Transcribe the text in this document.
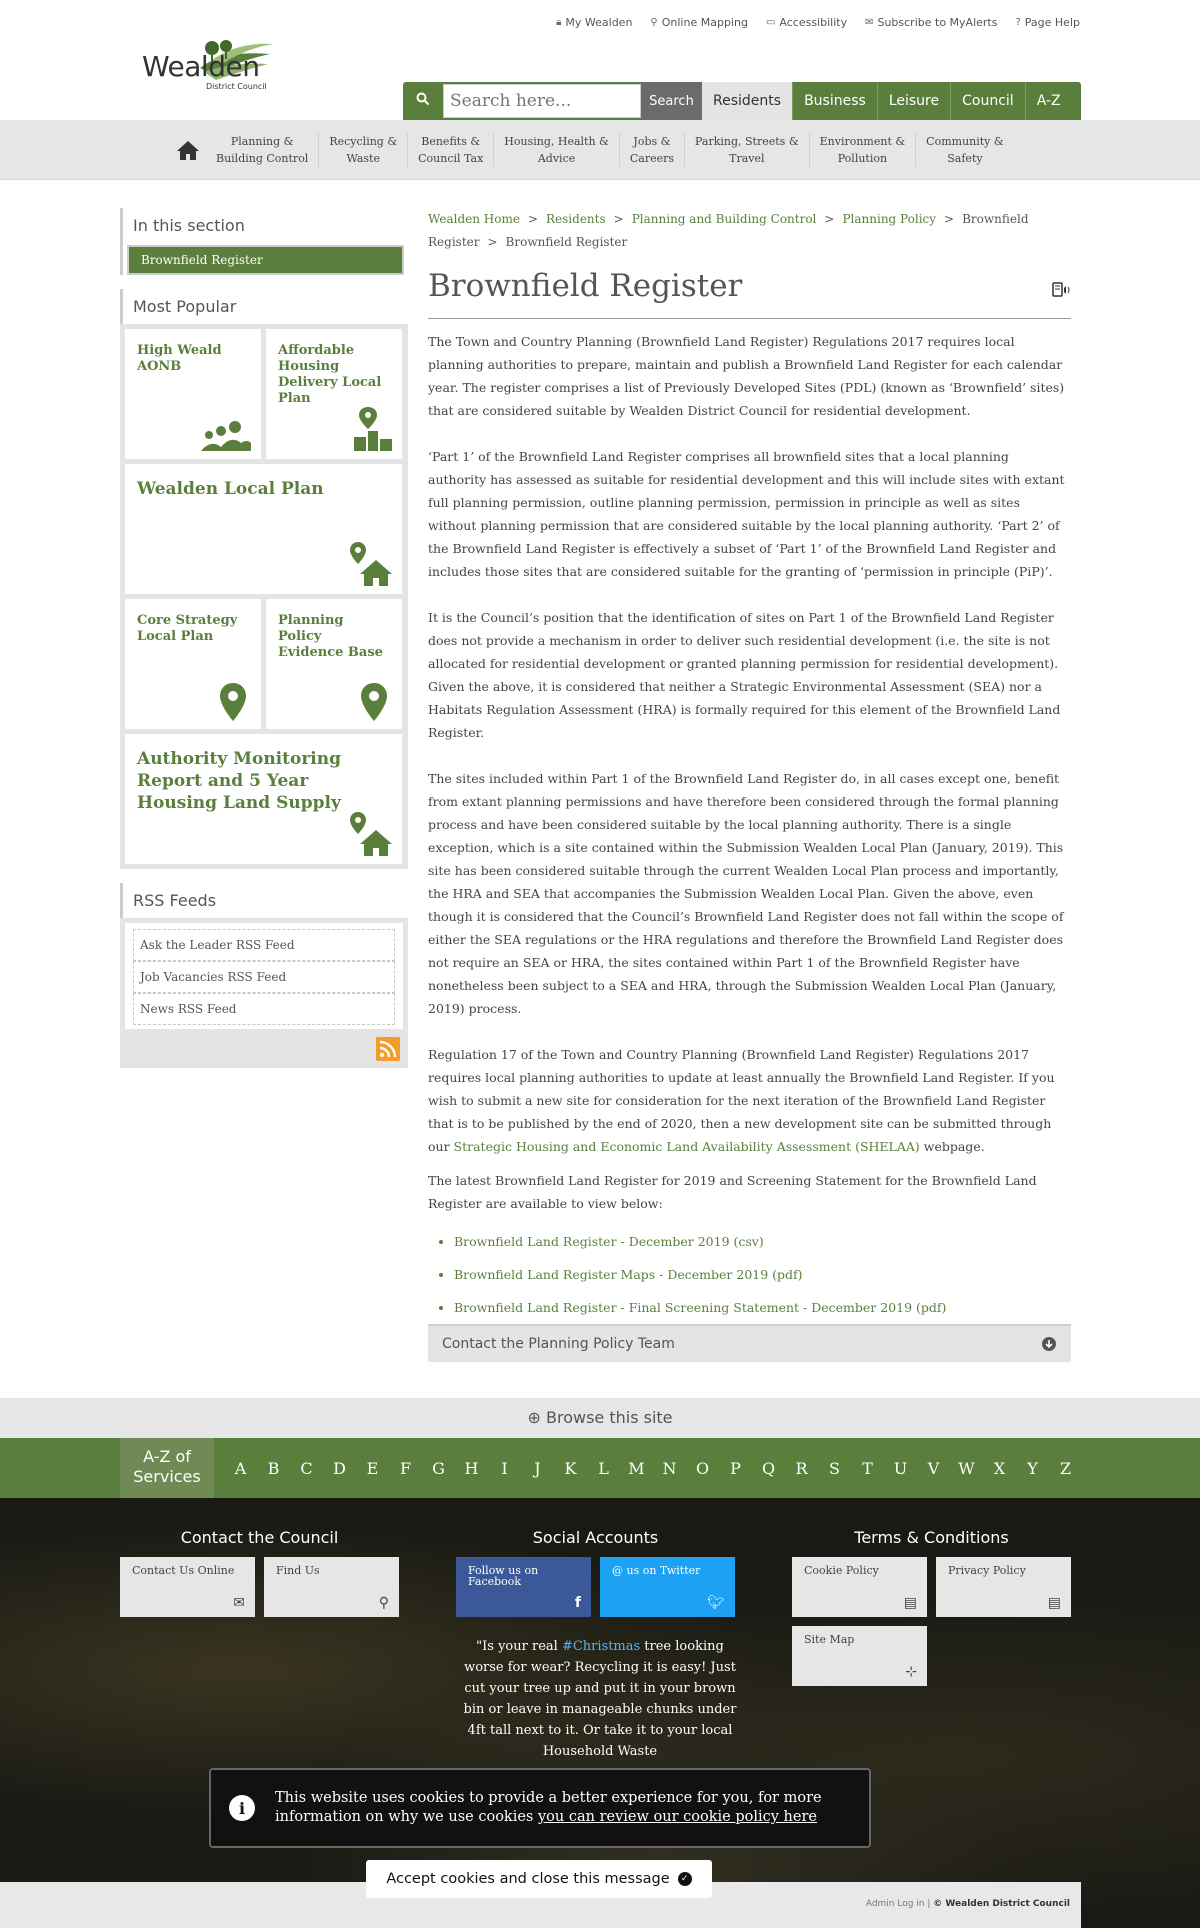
Wealden
District Council
🔒︎ My Wealden ⚲ Online Mapping ▭ Accessibility ✉ Subscribe to MyAlerts ? Page Help
Search here...
Search	Residents	Business	Leisure	Council	A-Z
Planning &
Building Control
Recycling &
Waste
Benefits &
Council Tax
Housing, Health &
Advice
Jobs &
Careers
Parking, Streets &
Travel
Environment &
Pollution
Community &
Safety
In this section
Brownfield Register
Most Popular
High Weald AONB
Affordable Housing Delivery Local Plan
Wealden Local Plan
Core Strategy Local Plan
Planning Policy Evidence Base
Authority Monitoring Report and 5 Year Housing Land Supply
RSS Feeds
Ask the Leader RSS Feed
Job Vacancies RSS Feed
News RSS Feed
Wealden Home > Residents > Planning and Building Control > Planning Policy > Brownfield Register > Brownfield Register
Brownfield Register

The Town and Country Planning (Brownfield Land Register) Regulations 2017 requires local planning authorities to prepare, maintain and publish a Brownfield Land Register for each calendar year. The register comprises a list of Previously Developed Sites (PDL) (known as ‘Brownfield’ sites) that are considered suitable by Wealden District Council for residential development.

‘Part 1’ of the Brownfield Land Register comprises all brownfield sites that a local planning authority has assessed as suitable for residential development and this will include sites with extant full planning permission, outline planning permission, permission in principle as well as sites without planning permission that are considered suitable by the local planning authority. ‘Part 2’ of the Brownfield Land Register is effectively a subset of ‘Part 1’ of the Brownfield Land Register and includes those sites that are considered suitable for the granting of ‘permission in principle (PiP)’.

It is the Council’s position that the identification of sites on Part 1 of the Brownfield Land Register does not provide a mechanism in order to deliver such residential development (i.e. the site is not allocated for residential development or granted planning permission for residential development). Given the above, it is considered that neither a Strategic Environmental Assessment (SEA) nor a Habitats Regulation Assessment (HRA) is formally required for this element of the Brownfield Land Register.

The sites included within Part 1 of the Brownfield Land Register do, in all cases except one, benefit from extant planning permissions and have therefore been considered through the formal planning process and have been considered suitable by the local planning authority. There is a single exception, which is a site contained within the Submission Wealden Local Plan (January, 2019). This site has been considered suitable through the current Wealden Local Plan process and importantly, the HRA and SEA that accompanies the Submission Wealden Local Plan. Given the above, even though it is considered that the Council’s Brownfield Land Register does not fall within the scope of either the SEA regulations or the HRA regulations and therefore the Brownfield Land Register does not require an SEA or HRA, the sites contained within Part 1 of the Brownfield Register have nonetheless been subject to a SEA and HRA, through the Submission Wealden Local Plan (January, 2019) process.

Regulation 17 of the Town and Country Planning (Brownfield Land Register) Regulations 2017 requires local planning authorities to update at least annually the Brownfield Land Register. If you wish to submit a new site for consideration for the next iteration of the Brownfield Land Register that is to be published by the end of 2020, then a new development site can be submitted through our Strategic Housing and Economic Land Availability Assessment (SHELAA) webpage.

The latest Brownfield Land Register for 2019 and Screening Statement for the Brownfield Land Register are available to view below:

• Brownfield Land Register - December 2019 (csv)
• Brownfield Land Register Maps - December 2019 (pdf)
• Brownfield Land Register - Final Screening Statement - December 2019 (pdf)
Contact the Planning Policy Team
⊕ Browse this site
A-Z of
Services	A	B	C	D	E	F	G	H	I	J	K	L	M	N	O	P	Q	R	S	T	U	V	W	X	Y	Z
Contact the Council
Contact Us Online
✉
Find Us
⚲
Social Accounts
Follow us on Facebook
f
@ us on Twitter
🐦︎
Terms & Conditions
Cookie Policy
▤
Privacy Policy
▤
Site Map
⊹
"Is your real #Christmas tree looking worse for wear? Recycling it is easy! Just cut your tree up and put it in your brown bin or leave in manageable chunks under 4ft tall next to it. Or take it to your local Household Waste
Admin Log in | © Wealden District Council
i
This website uses cookies to provide a better experience for you, for more information on why we use cookies you can review our cookie policy here
Accept cookies and close this message	✓
